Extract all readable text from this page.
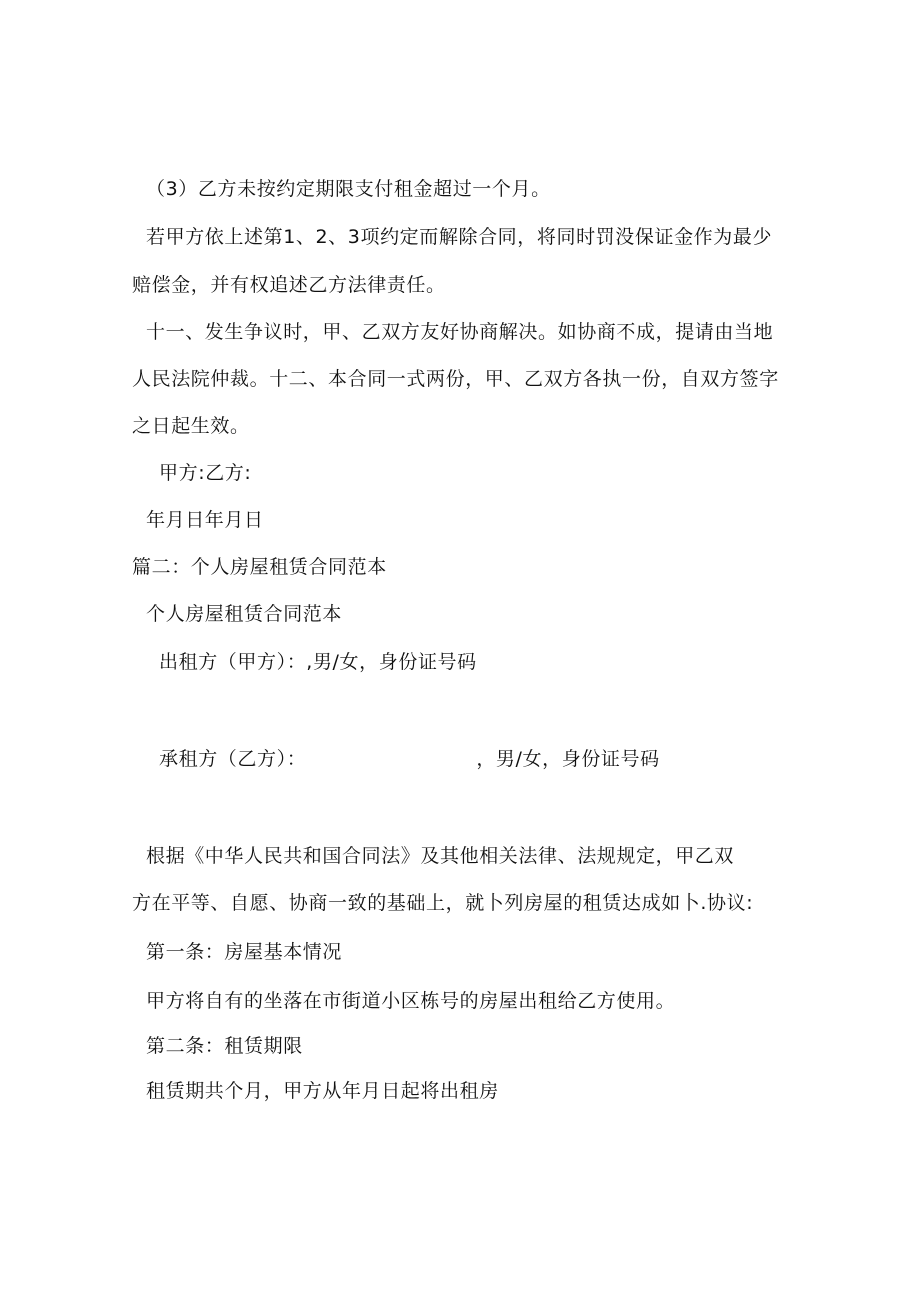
（3）乙方未按约定期限支付租金超过一个月。
若甲方依上述第1、2、3项约定而解除合同，将同时罚没保证金作为最少
赔偿金，并有权追述乙方法律责任。
十一、发生争议时，甲、乙双方友好协商解决。如协商不成，提请由当地
人民法院仲裁。十二、本合同一式两份，甲、乙双方各执一份，自双方签字
之日起生效。
甲方:乙方:
年月日年月日
篇二：个人房屋租赁合同范本
个人房屋租赁合同范本
出租方（甲方）：,男/女，身份证号码
承租方（乙方）：	，男/女，身份证号码
根据《中华人民共和国合同法》及其他相关法律、法规规定，甲乙双
方在平等、自愿、协商一致的基础上，就卜列房屋的租赁达成如卜.协议:
第一条：房屋基本情况
甲方将自有的坐落在市街道小区栋号的房屋出租给乙方使用。
第二条：租赁期限
租赁期共个月，甲方从年月日起将出租房
